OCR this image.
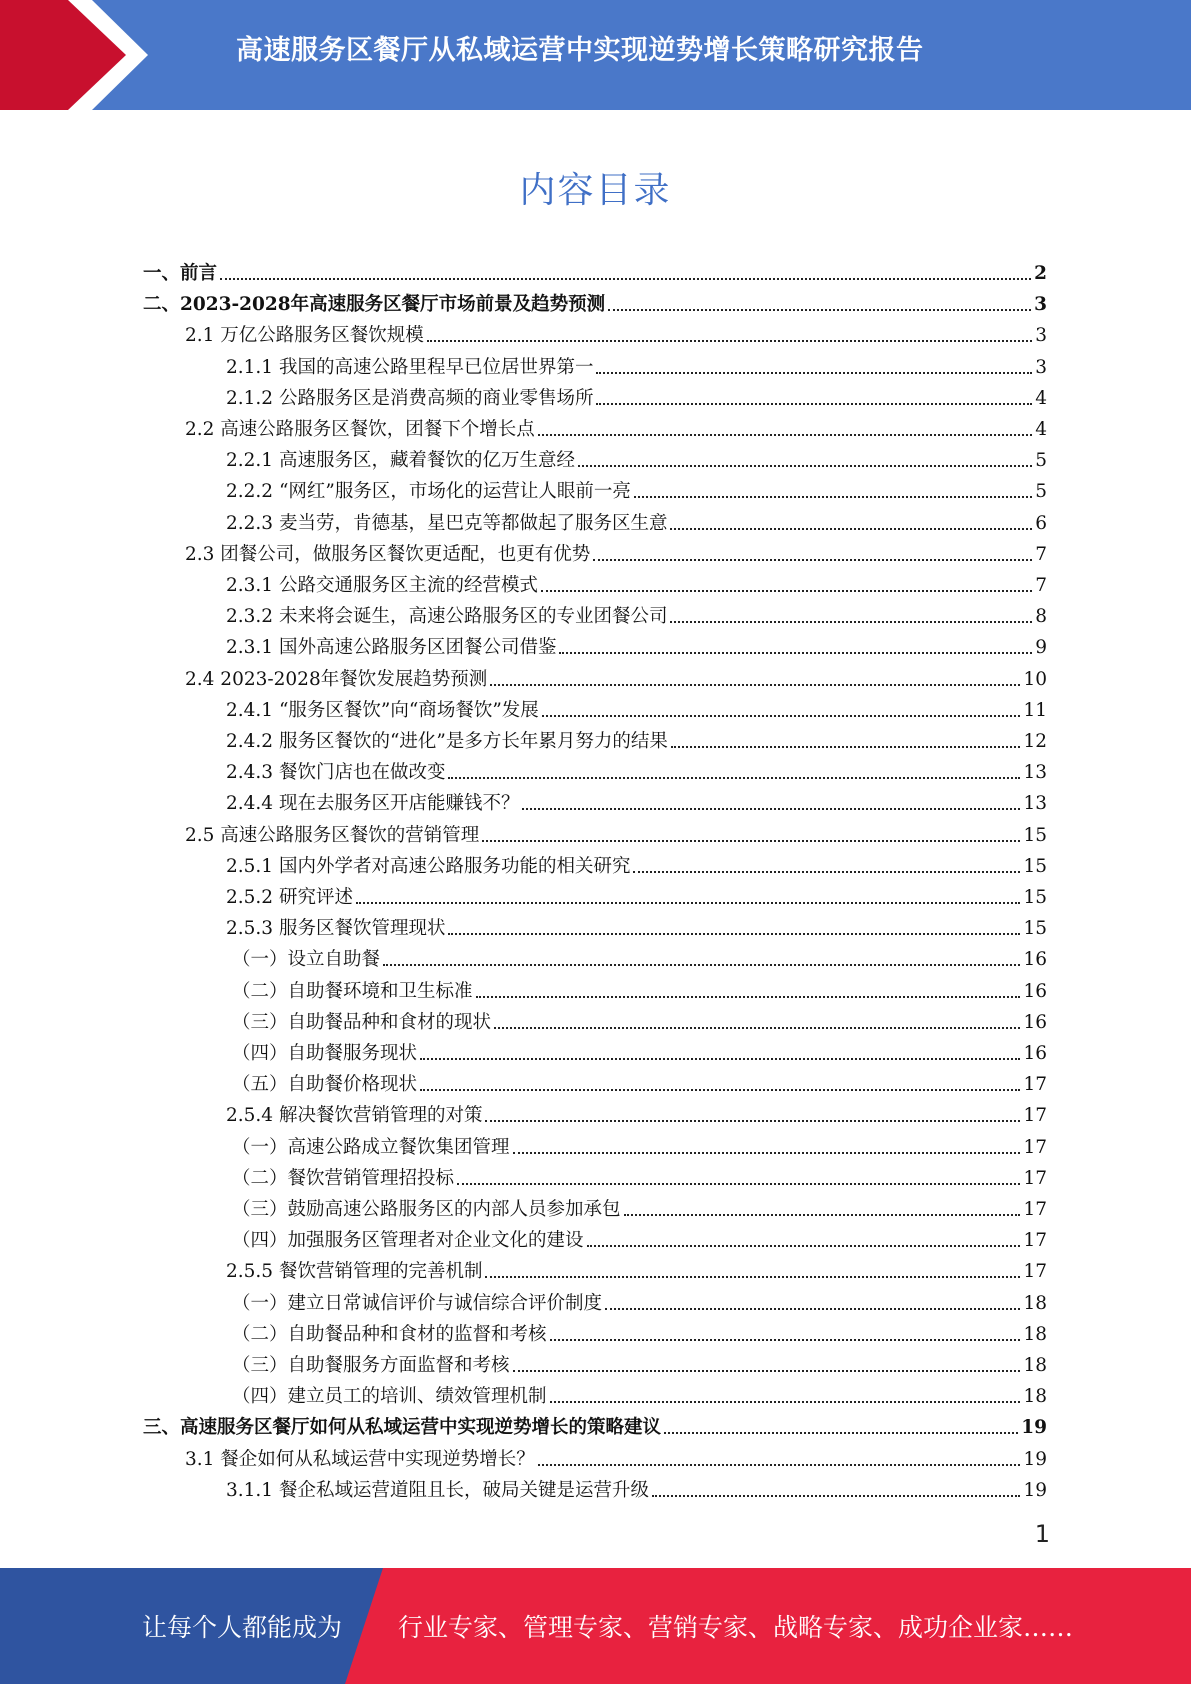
高速服务区餐厅从私域运营中实现逆势增长策略研究报告
内容目录
一、前言	2
二、2023-2028年高速服务区餐厅市场前景及趋势预测	3
2.1 万亿公路服务区餐饮规模	3
2.1.1 我国的高速公路里程早已位居世界第一	3
2.1.2 公路服务区是消费高频的商业零售场所	4
2.2 高速公路服务区餐饮，团餐下个增长点	4
2.2.1 高速服务区，藏着餐饮的亿万生意经	5
2.2.2 “网红”服务区，市场化的运营让人眼前一亮	5
2.2.3 麦当劳，肯德基，星巴克等都做起了服务区生意	6
2.3 团餐公司，做服务区餐饮更适配，也更有优势	7
2.3.1 公路交通服务区主流的经营模式	7
2.3.2 未来将会诞生，高速公路服务区的专业团餐公司	8
2.3.1 国外高速公路服务区团餐公司借鉴	9
2.4 2023-2028年餐饮发展趋势预测	10
2.4.1 “服务区餐饮”向“商场餐饮”发展	11
2.4.2 服务区餐饮的“进化”是多方长年累月努力的结果	12
2.4.3 餐饮门店也在做改变	13
2.4.4 现在去服务区开店能赚钱不？	13
2.5 高速公路服务区餐饮的营销管理	15
2.5.1 国内外学者对高速公路服务功能的相关研究	15
2.5.2 研究评述	15
2.5.3 服务区餐饮管理现状	15
（一）设立自助餐	16
（二）自助餐环境和卫生标准	16
（三）自助餐品种和食材的现状	16
（四）自助餐服务现状	16
（五）自助餐价格现状	17
2.5.4 解决餐饮营销管理的对策	17
（一）高速公路成立餐饮集团管理	17
（二）餐饮营销管理招投标	17
（三）鼓励高速公路服务区的内部人员参加承包	17
（四）加强服务区管理者对企业文化的建设	17
2.5.5 餐饮营销管理的完善机制	17
（一）建立日常诚信评价与诚信综合评价制度	18
（二）自助餐品种和食材的监督和考核	18
（三）自助餐服务方面监督和考核	18
（四）建立员工的培训、绩效管理机制	18
三、高速服务区餐厅如何从私域运营中实现逆势增长的策略建议	19
3.1 餐企如何从私域运营中实现逆势增长？	19
3.1.1 餐企私域运营道阻且长，破局关键是运营升级	19
1
让每个人都能成为 行业专家、管理专家、营销专家、战略专家、成功企业家……
